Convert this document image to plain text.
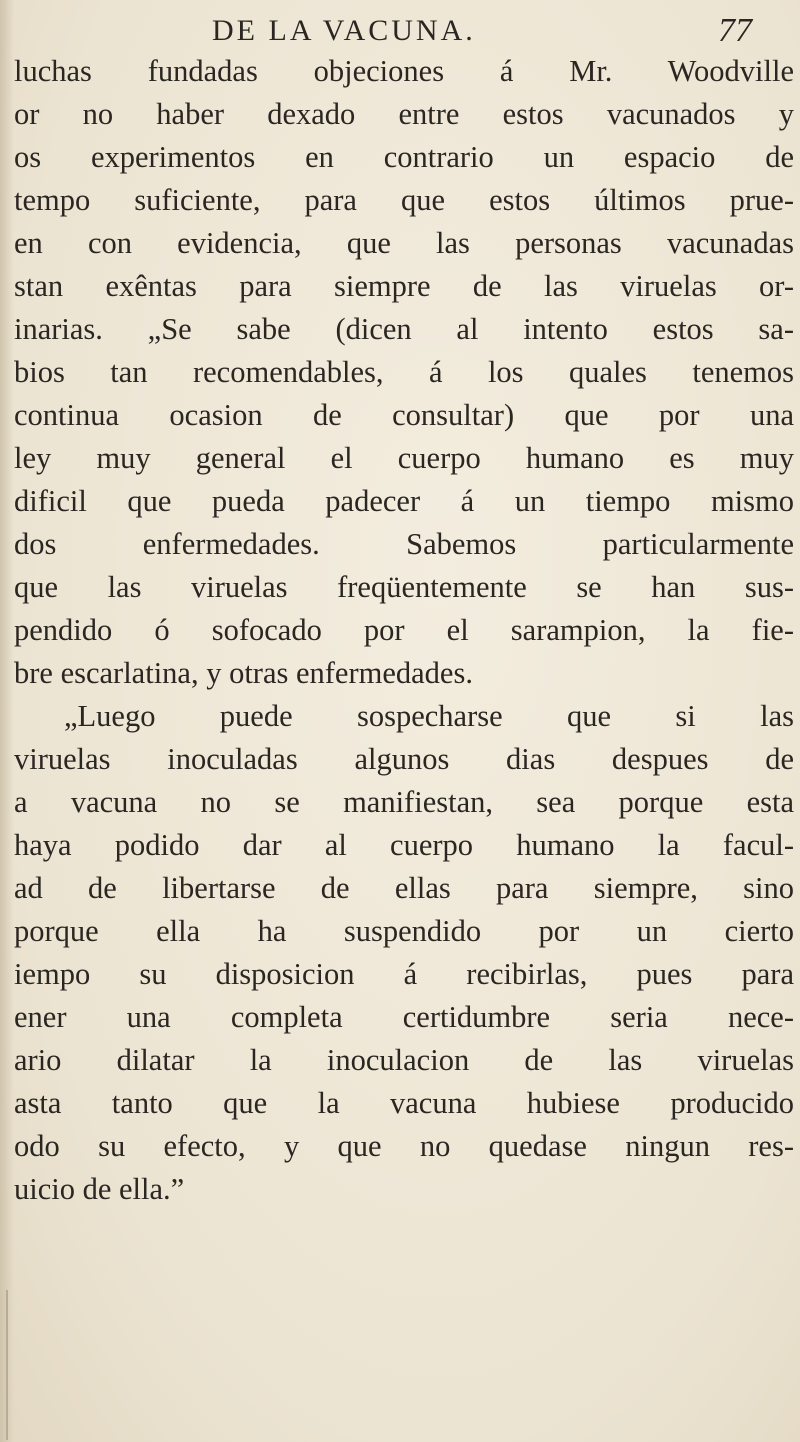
DE LA VACUNA.	77
luchas fundadas objeciones á Mr. Woodville
or no haber dexado entre estos vacunados y
os experimentos en contrario un espacio de
tempo suficiente, para que estos últimos prue-
en con evidencia, que las personas vacunadas
stan exêntas para siempre de las viruelas or-
inarias. „Se sabe (dicen al intento estos sa-
bios tan recomendables, á los quales tenemos
continua ocasion de consultar) que por una
ley muy general el cuerpo humano es muy
dificil que pueda padecer á un tiempo mismo
dos enfermedades. Sabemos particularmente
que las viruelas freqüentemente se han sus-
pendido ó sofocado por el sarampion, la fie-
bre escarlatina, y otras enfermedades.
„Luego puede sospecharse que si las
viruelas inoculadas algunos dias despues de
a vacuna no se manifiestan, sea porque esta
haya podido dar al cuerpo humano la facul-
ad de libertarse de ellas para siempre, sino
porque ella ha suspendido por un cierto
iempo su disposicion á recibirlas, pues para
ener una completa certidumbre seria nece-
ario dilatar la inoculacion de las viruelas
asta tanto que la vacuna hubiese producido
odo su efecto, y que no quedase ningun res-
uicio de ella.”
